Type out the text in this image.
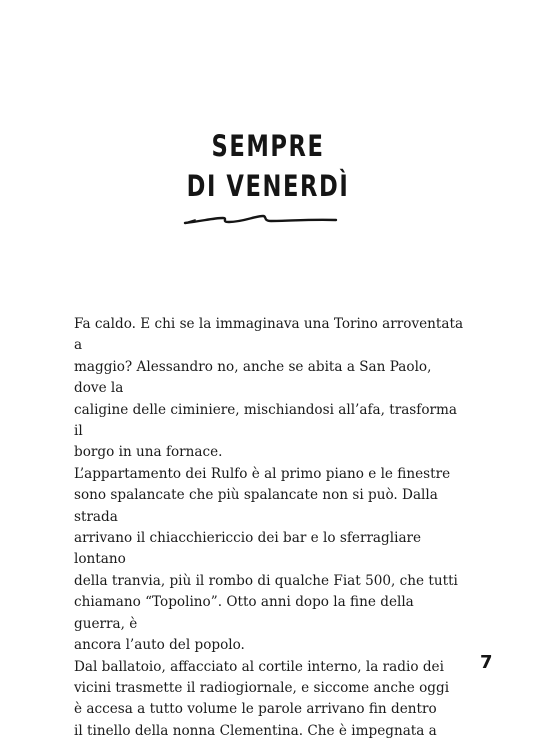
SEMPRE
DI VENERDÌ

Fa caldo. E chi se la immaginava una Torino arroventata a
maggio? Alessandro no, anche se abita a San Paolo, dove la
caligine delle ciminiere, mischiandosi all’afa, trasforma il
borgo in una fornace.

L’appartamento dei Rulfo è al primo piano e le finestre
sono spalancate che più spalancate non si può. Dalla strada
arrivano il chiacchiericcio dei bar e lo sferragliare lontano
della tranvia, più il rombo di qualche Fiat 500, che tutti
chiamano “Topolino”. Otto anni dopo la fine della guerra, è
ancora l’auto del popolo.

Dal ballatoio, affacciato al cortile interno, la radio dei
vicini trasmette il radiogiornale, e siccome anche oggi
è accesa a tutto volume le parole arrivano fin dentro
il tinello della nonna Clementina. Che è impegnata a

7
